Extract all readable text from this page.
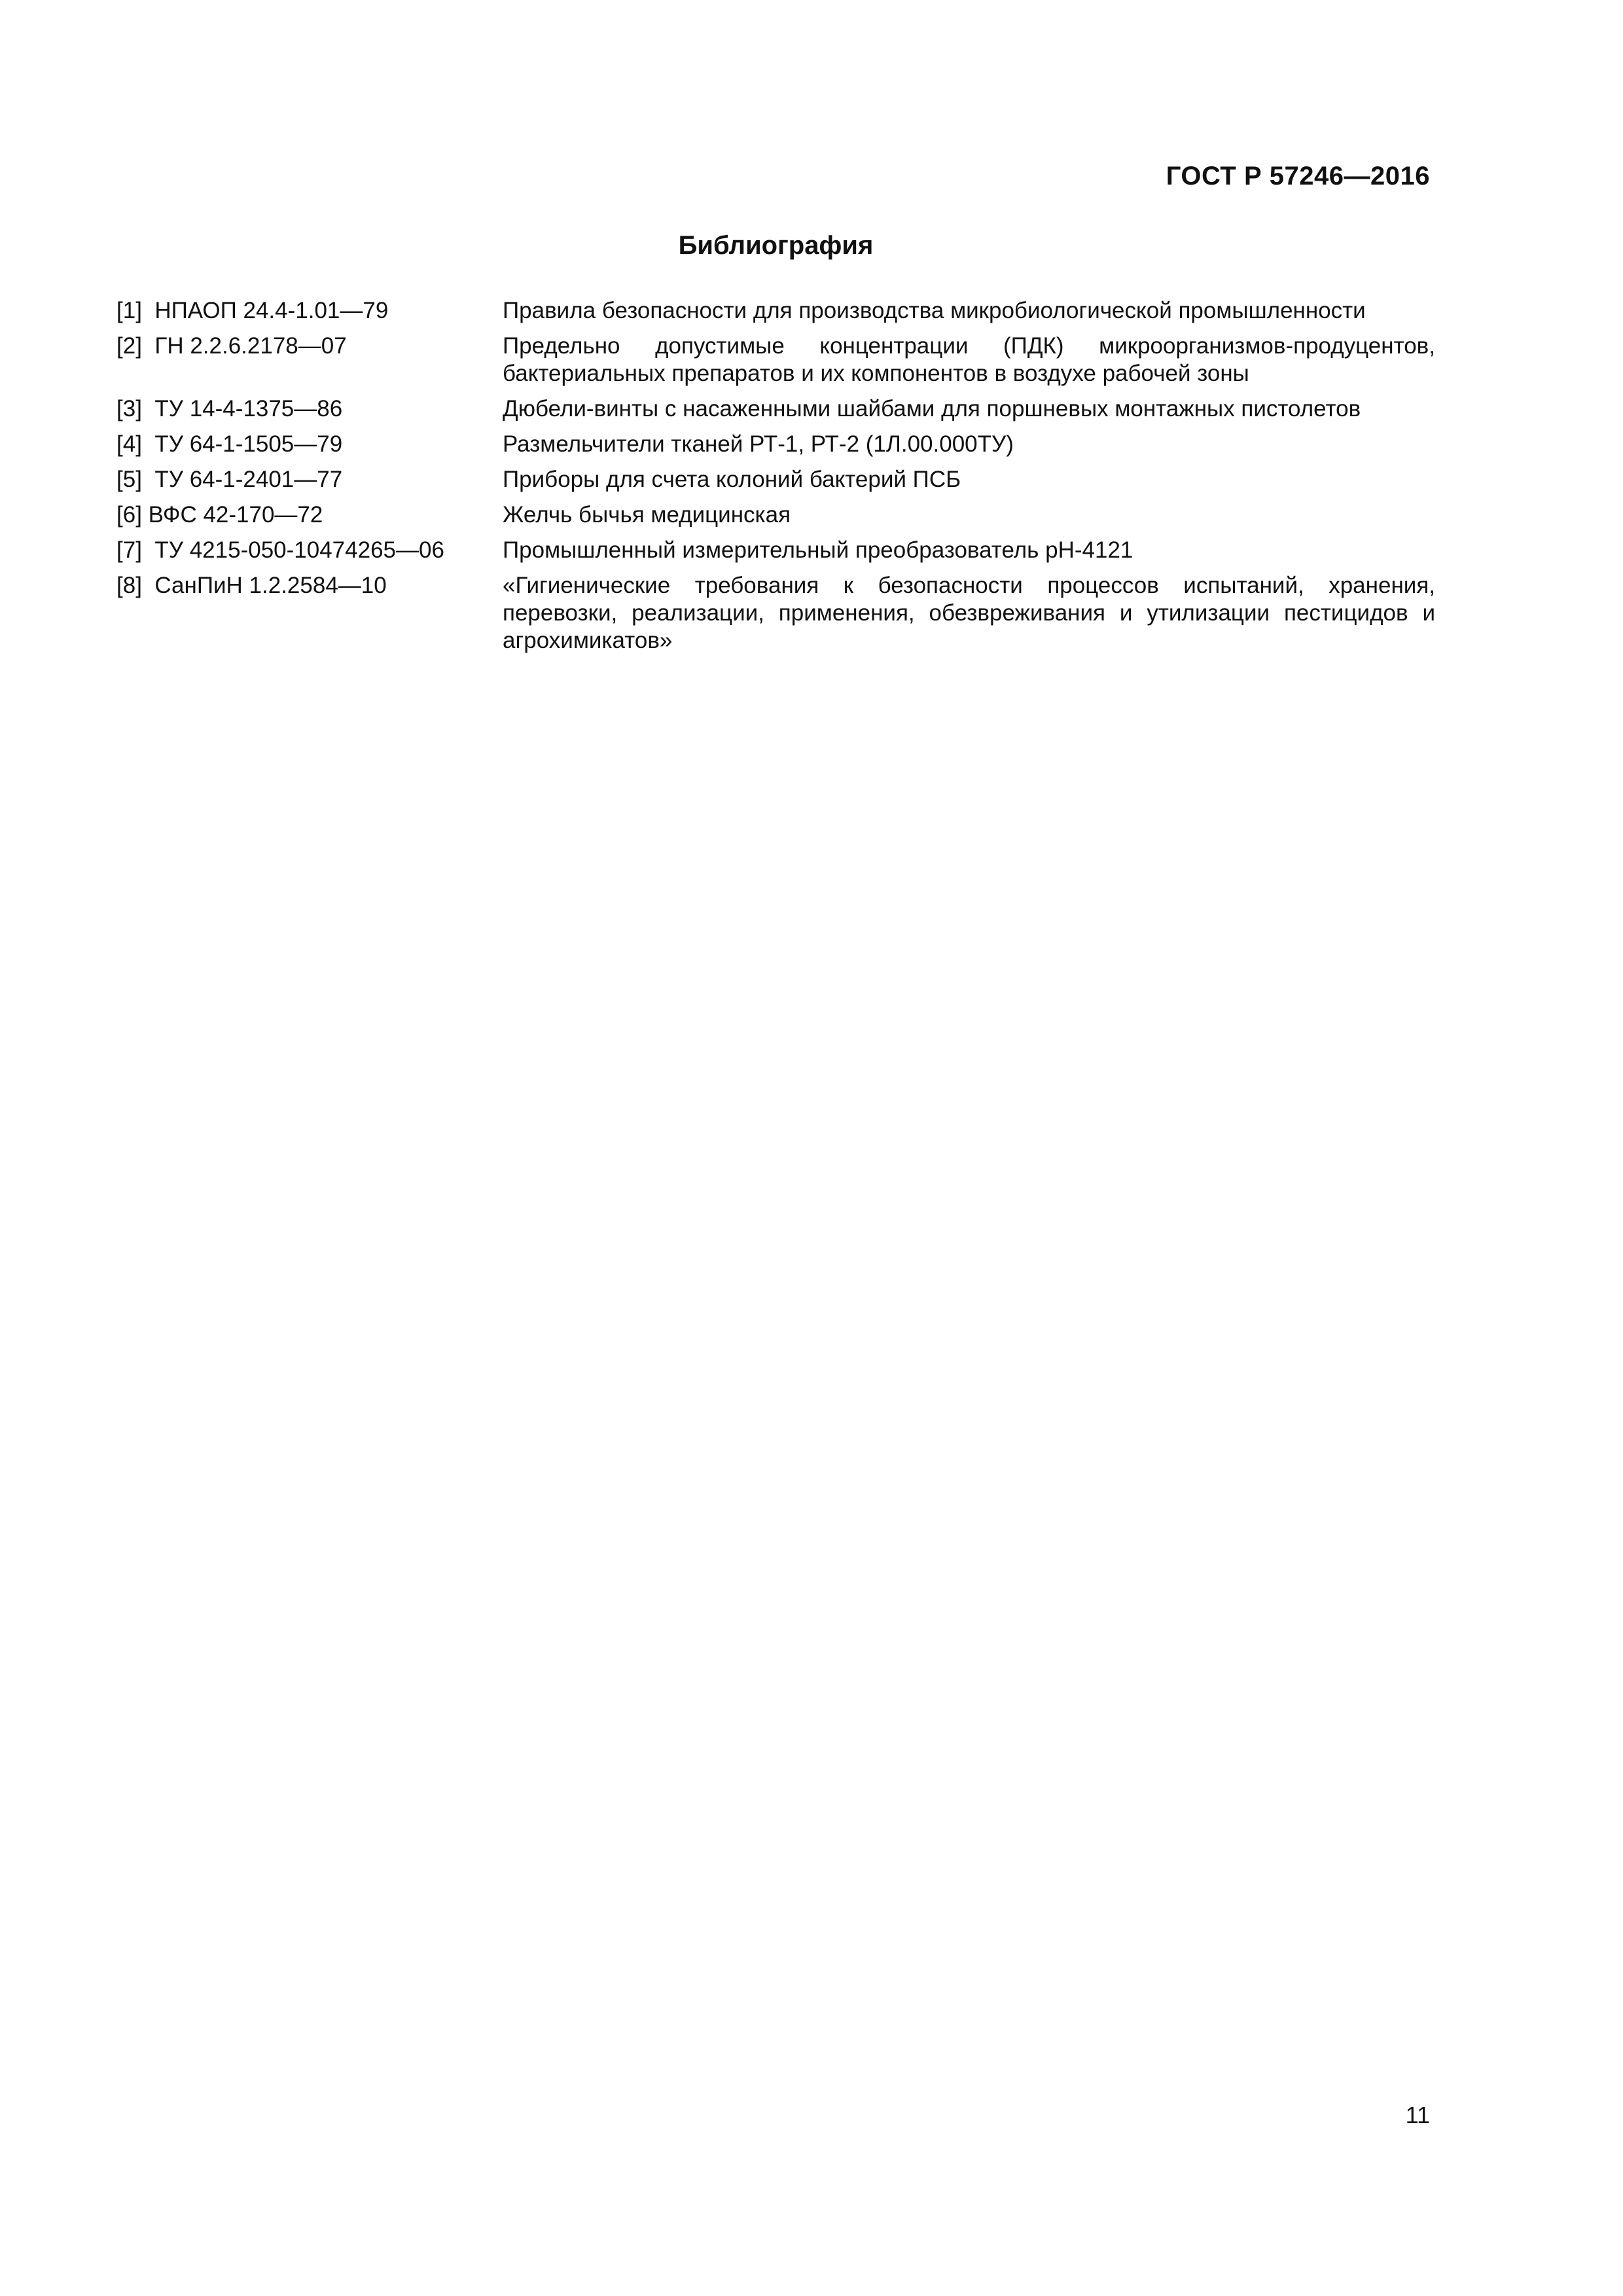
ГОСТ Р 57246—2016
Библиография
[1]  НПАОП 24.4-1.01—79	Правила безопасности для производства микробиологической промышленности
[2]  ГН 2.2.6.2178—07	Предельно допустимые концентрации (ПДК) микроорганизмов-продуцентов, бактериальных препаратов и их компонентов в воздухе рабочей зоны
[3]  ТУ 14-4-1375—86	Дюбели-винты с насаженными шайбами для поршневых монтажных пистолетов
[4]  ТУ 64-1-1505—79	Размельчители тканей РТ-1, РТ-2 (1Л.00.000ТУ)
[5]  ТУ 64-1-2401—77	Приборы для счета колоний бактерий ПСБ
[6] ВФС 42-170—72	Желчь бычья медицинская
[7]  ТУ 4215-050-10474265—06	Промышленный измерительный преобразователь pH-4121
[8]  СанПиН 1.2.2584—10	«Гигиенические требования к безопасности процессов испытаний, хранения, перевозки, реализации, применения, обезвреживания и утилизации пестицидов и агрохимикатов»
11
